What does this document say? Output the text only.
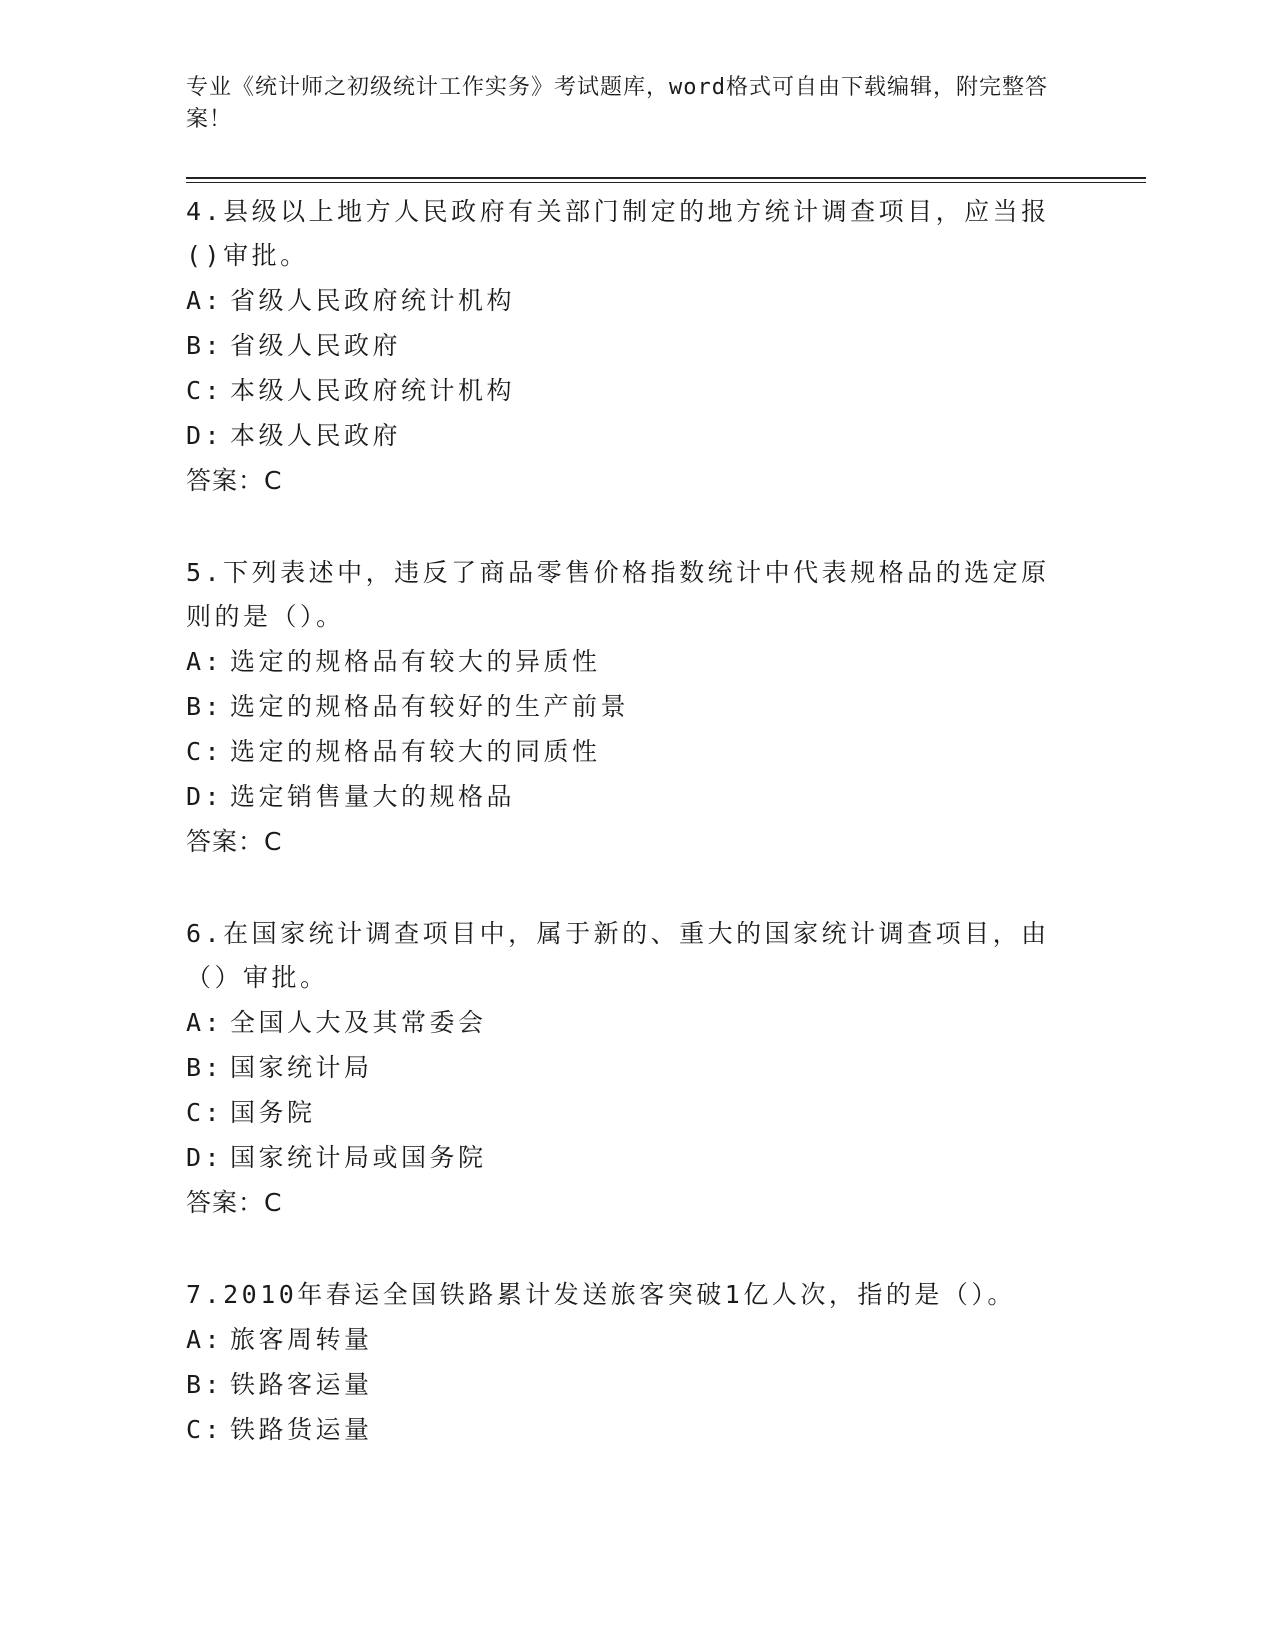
专业《统计师之初级统计工作实务》考试题库，word格式可自由下载编辑，附完整答案！

4.县级以上地方人民政府有关部门制定的地方统计调查项目，应当报()审批。

A: 省级人民政府统计机构

B: 省级人民政府

C: 本级人民政府统计机构

D: 本级人民政府

答案：C

5.下列表述中，违反了商品零售价格指数统计中代表规格品的选定原则的是（）。

A: 选定的规格品有较大的异质性

B: 选定的规格品有较好的生产前景

C: 选定的规格品有较大的同质性

D: 选定销售量大的规格品

答案：C

6.在国家统计调查项目中，属于新的、重大的国家统计调查项目，由（）审批。

A: 全国人大及其常委会

B: 国家统计局

C: 国务院

D: 国家统计局或国务院

答案：C

7.2010年春运全国铁路累计发送旅客突破1亿人次，指的是（）。

A: 旅客周转量

B: 铁路客运量

C: 铁路货运量
